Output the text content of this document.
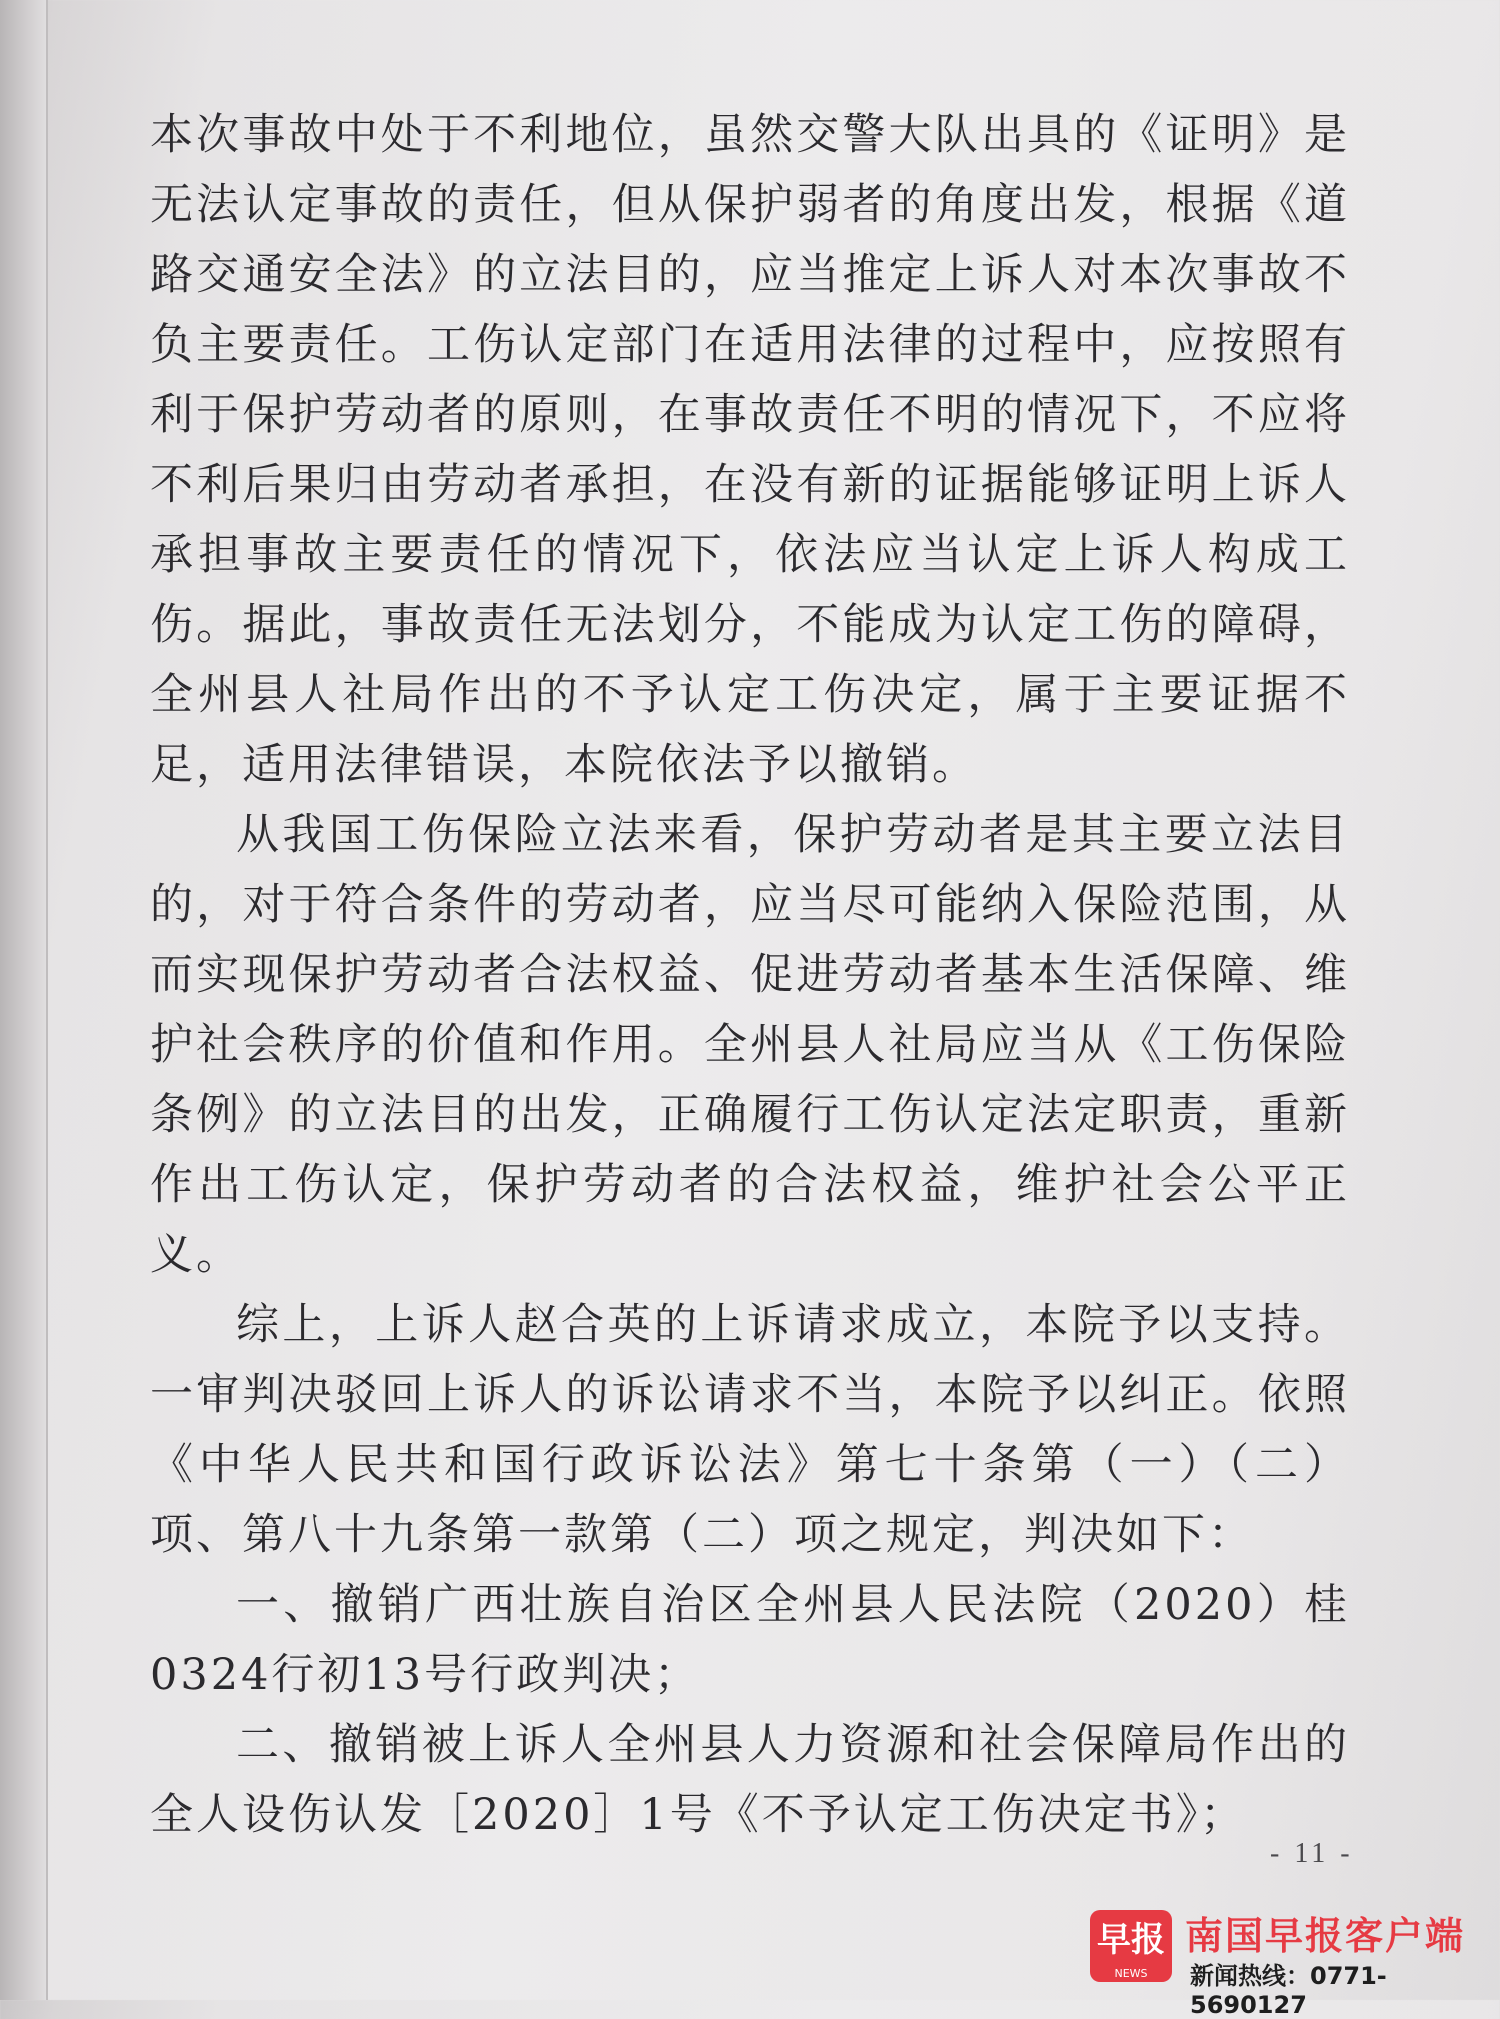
本次事故中处于不利地位，虽然交警大队出具的《证明》是无法认定事故的责任，但从保护弱者的角度出发，根据《道路交通安全法》的立法目的，应当推定上诉人对本次事故不负主要责任。工伤认定部门在适用法律的过程中，应按照有利于保护劳动者的原则，在事故责任不明的情况下，不应将不利后果归由劳动者承担，在没有新的证据能够证明上诉人承担事故主要责任的情况下，依法应当认定上诉人构成工伤。据此，事故责任无法划分，不能成为认定工伤的障碍，全州县人社局作出的不予认定工伤决定，属于主要证据不足，适用法律错误，本院依法予以撤销。

从我国工伤保险立法来看，保护劳动者是其主要立法目的，对于符合条件的劳动者，应当尽可能纳入保险范围，从而实现保护劳动者合法权益、促进劳动者基本生活保障、维护社会秩序的价值和作用。全州县人社局应当从《工伤保险条例》的立法目的出发，正确履行工伤认定法定职责，重新作出工伤认定，保护劳动者的合法权益，维护社会公平正义。

综上，上诉人赵合英的上诉请求成立，本院予以支持。一审判决驳回上诉人的诉讼请求不当，本院予以纠正。依照《中华人民共和国行政诉讼法》第七十条第（一）（二）项、第八十九条第一款第（二）项之规定，判决如下：

一、撤销广西壮族自治区全州县人民法院（2020）桂0324行初13号行政判决；

二、撤销被上诉人全州县人力资源和社会保障局作出的全人设伤认发［2020］1号《不予认定工伤决定书》；

- 11 -
早报
NEWS
南国早报客户端
新闻热线：0771-5690127
